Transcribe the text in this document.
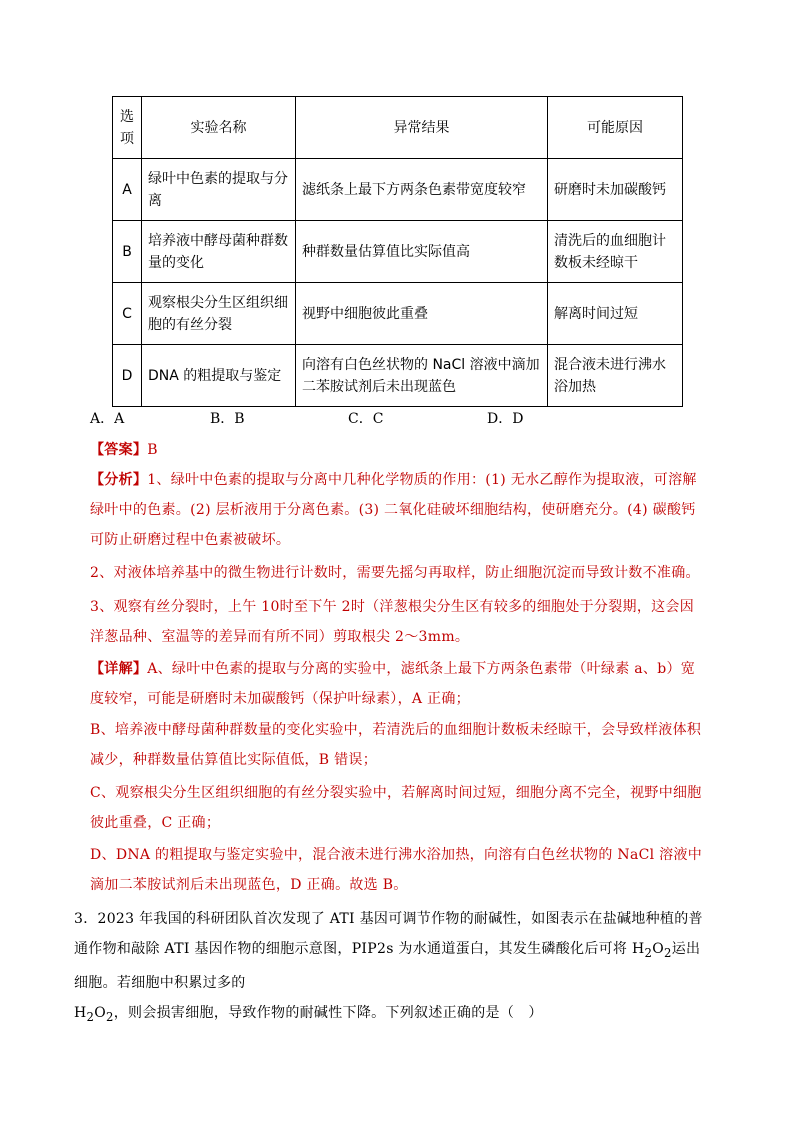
选
项	实验名称	异常结果	可能原因
A	绿叶中色素的提取与分离	滤纸条上最下方两条色素带宽度较窄	研磨时未加碳酸钙
B	培养液中酵母菌种群数量的变化	种群数量估算值比实际值高	清洗后的血细胞计数板未经晾干
C	观察根尖分生区组织细胞的有丝分裂	视野中细胞彼此重叠	解离时间过短
D	DNA 的粗提取与鉴定	向溶有白色丝状物的 NaCl 溶液中滴加二苯胺试剂后未出现蓝色	混合液未进行沸水浴加热
A．A	B．B	C．C	D．D
【答案】B
【分析】1、绿叶中色素的提取与分离中几种化学物质的作用：(1) 无水乙醇作为提取液，可溶解绿叶中的色素。(2) 层析液用于分离色素。(3) 二氧化硅破坏细胞结构，使研磨充分。(4) 碳酸钙可防止研磨过程中色素被破坏。
2、对液体培养基中的微生物进行计数时，需要先摇匀再取样，防止细胞沉淀而导致计数不准确。
3、观察有丝分裂时，上午 10时至下午 2时（洋葱根尖分生区有较多的细胞处于分裂期，这会因洋葱品种、室温等的差异而有所不同）剪取根尖 2～3mm。
【详解】A、绿叶中色素的提取与分离的实验中，滤纸条上最下方两条色素带（叶绿素 a、b）宽度较窄，可能是研磨时未加碳酸钙（保护叶绿素），A 正确；
B、培养液中酵母菌种群数量的变化实验中，若清洗后的血细胞计数板未经晾干，会导致样液体积减少，种群数量估算值比实际值低，B 错误；
C、观察根尖分生区组织细胞的有丝分裂实验中，若解离时间过短，细胞分离不完全，视野中细胞彼此重叠，C 正确；
D、DNA 的粗提取与鉴定实验中，混合液未进行沸水浴加热，向溶有白色丝状物的 NaCl 溶液中滴加二苯胺试剂后未出现蓝色，D 正确。故选 B。
3．2023 年我国的科研团队首次发现了 ATI 基因可调节作物的耐碱性，如图表示在盐碱地种植的普通作物和敲除 ATI 基因作物的细胞示意图，PIP2s 为水通道蛋白，其发生磷酸化后可将 $H_2O_2$运出细胞。若细胞中积累过多的 $H_2O_2$，则会损害细胞，导致作物的耐碱性下降。下列叙述正确的是（　）
